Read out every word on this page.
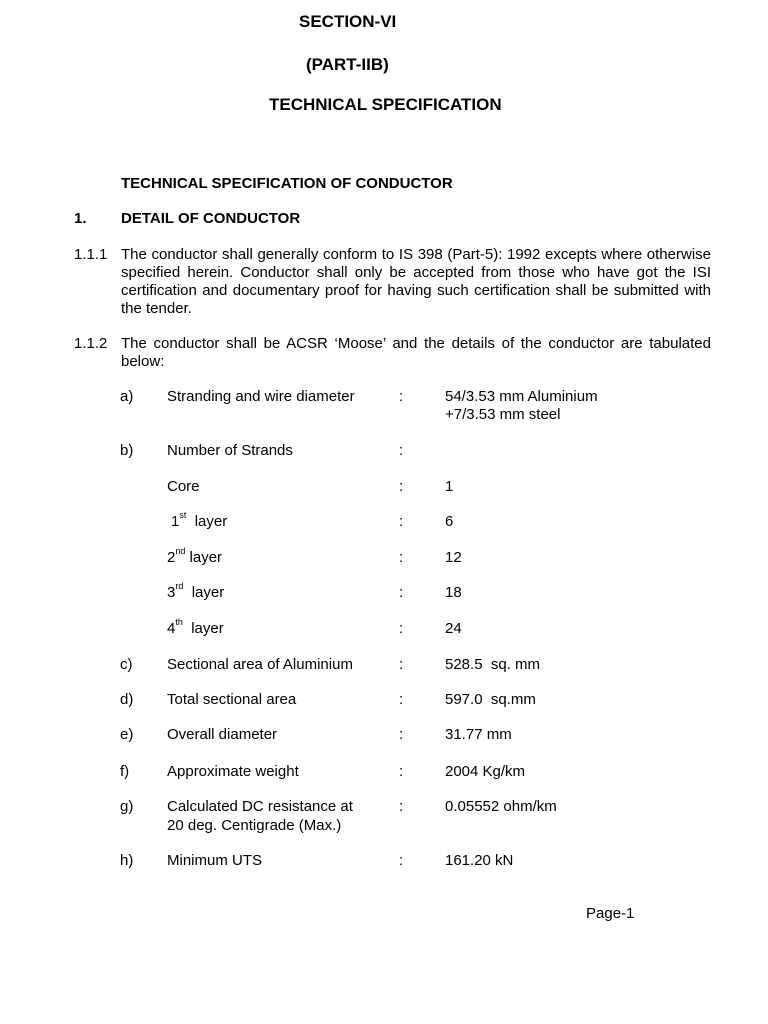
SECTION-VI
(PART-IIB)
TECHNICAL SPECIFICATION
TECHNICAL SPECIFICATION OF CONDUCTOR
1. DETAIL OF CONDUCTOR
1.1.1 The conductor shall generally conform to IS 398 (Part-5): 1992 excepts where otherwise specified herein. Conductor shall only be accepted from those who have got the ISI certification and documentary proof for having such certification shall be submitted with the tender.
1.1.2 The conductor shall be ACSR ‘Moose’ and the details of the conductor are tabulated below:
a) Stranding and wire diameter	:	54/3.53 mm Aluminium
+7/3.53 mm steel
b) Number of Strands	:
Core	:	1
1st layer	:	6
2nd layer	:	12
3rd layer	:	18
4th layer	:	24
c) Sectional area of Aluminium	:	528.5  sq. mm
d) Total sectional area	:	597.0  sq.mm
e) Overall diameter	:	31.77 mm
f)	Approximate weight	:	2004 Kg/km
g) Calculated DC resistance at
20 deg. Centigrade (Max.)
:	0.05552 ohm/km
h) Minimum UTS	:	161.20 kN
Page-1
